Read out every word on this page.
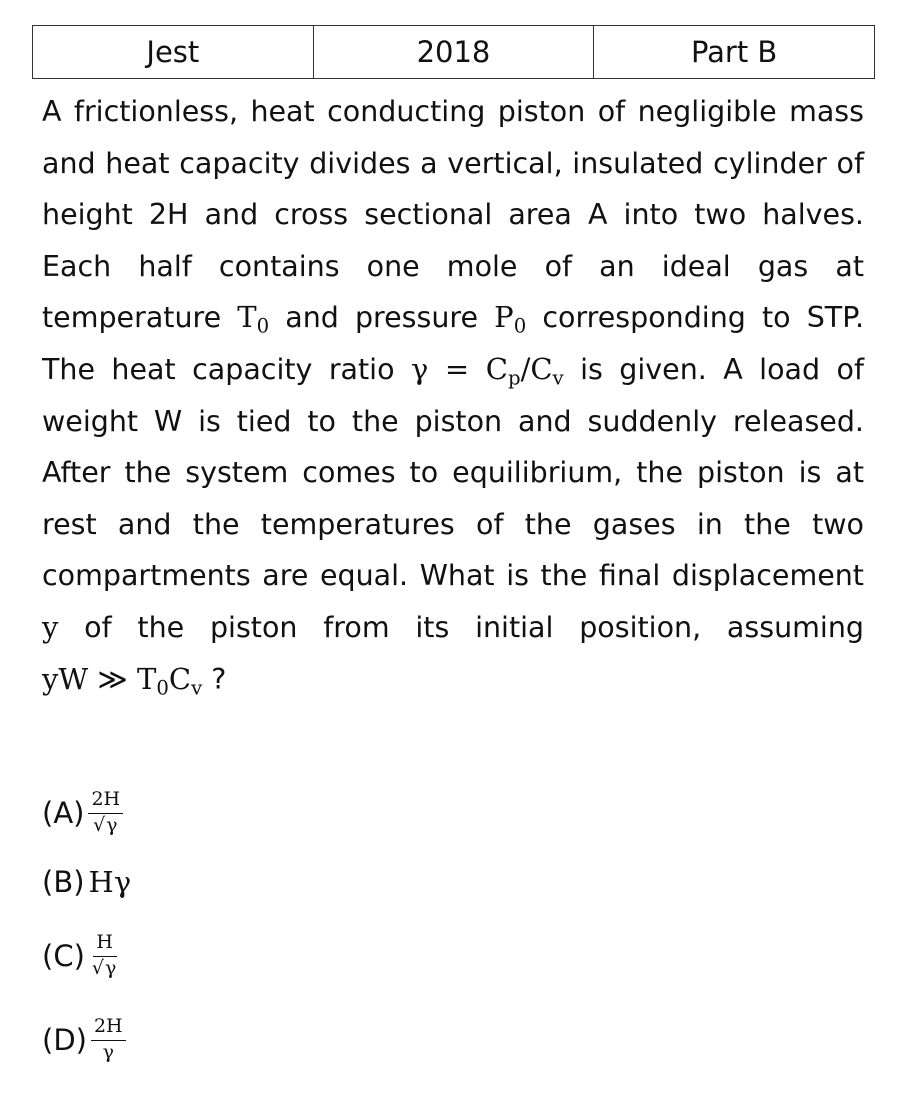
Jest	2018	Part B
A frictionless, heat conducting piston of negligible mass and heat capacity divides a vertical, insulated cylinder of height 2H and cross sectional area A into two halves. Each half contains one mole of an ideal gas at temperature $T_0$ and pressure $P_0$ corresponding to STP. The heat capacity ratio $\gamma = C_p/C_v$ is given. A load of weight W is tied to the piston and suddenly released. After the system comes to equilibrium, the piston is at rest and the temperatures of the gases in the two compartments are equal. What is the final displacement y of the piston from its initial position, assuming yW ≫ $T_0C_v$ ?
$(A) \frac{2H}{√\gamma}$
(B) Hγ
$(C) \frac{H}{√\gamma}$
$(D) \frac{2H}{\gamma}$
